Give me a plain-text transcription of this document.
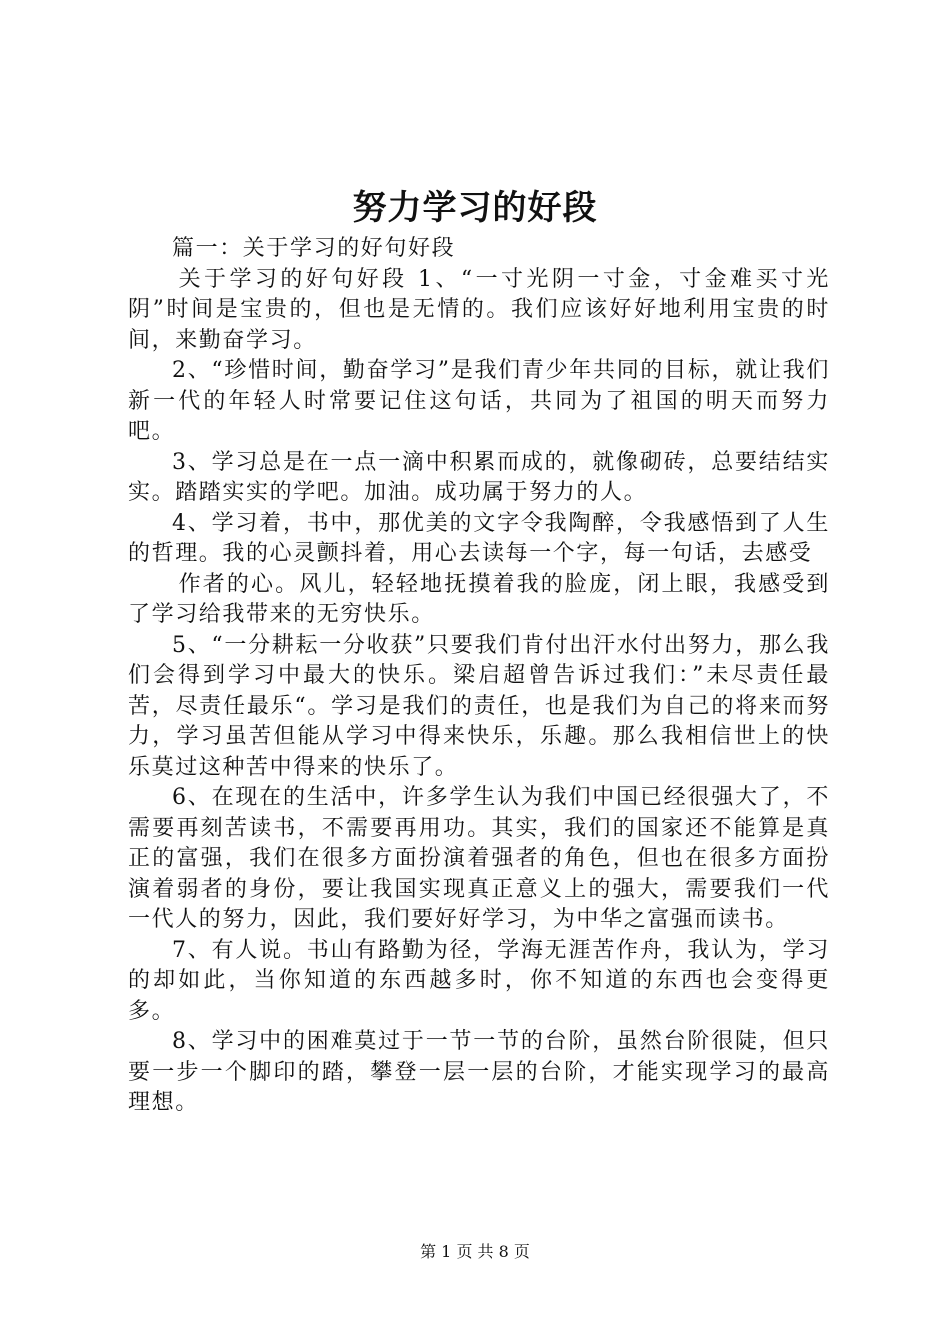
努力学习的好段

篇一：关于学习的好句好段

关于学习的好句好段 1、“一寸光阴一寸金，寸金难买寸光阴”时间是宝贵的，但也是无情的。我们应该好好地利用宝贵的时间，来勤奋学习。

2、“珍惜时间，勤奋学习”是我们青少年共同的目标，就让我们新一代的年轻人时常要记住这句话，共同为了祖国的明天而努力吧。

3、学习总是在一点一滴中积累而成的，就像砌砖，总要结结实实。踏踏实实的学吧。加油。成功属于努力的人。

4、学习着，书中，那优美的文字令我陶醉，令我感悟到了人生的哲理。我的心灵颤抖着，用心去读每一个字，每一句话，去感受

作者的心。风儿，轻轻地抚摸着我的脸庞，闭上眼，我感受到了学习给我带来的无穷快乐。

5、“一分耕耘一分收获”只要我们肯付出汗水付出努力，那么我们会得到学习中最大的快乐。梁启超曾告诉过我们：”未尽责任最苦，尽责任最乐“。学习是我们的责任，也是我们为自己的将来而努力，学习虽苦但能从学习中得来快乐，乐趣。那么我相信世上的快乐莫过这种苦中得来的快乐了。

6、在现在的生活中，许多学生认为我们中国已经很强大了，不需要再刻苦读书，不需要再用功。其实，我们的国家还不能算是真正的富强，我们在很多方面扮演着强者的角色，但也在很多方面扮演着弱者的身份，要让我国实现真正意义上的强大，需要我们一代一代人的努力，因此，我们要好好学习，为中华之富强而读书。

7、有人说。书山有路勤为径，学海无涯苦作舟，我认为，学习的却如此，当你知道的东西越多时，你不知道的东西也会变得更多。

8、学习中的困难莫过于一节一节的台阶，虽然台阶很陡，但只要一步一个脚印的踏，攀登一层一层的台阶，才能实现学习的最高理想。

第 1 页 共 8 页
